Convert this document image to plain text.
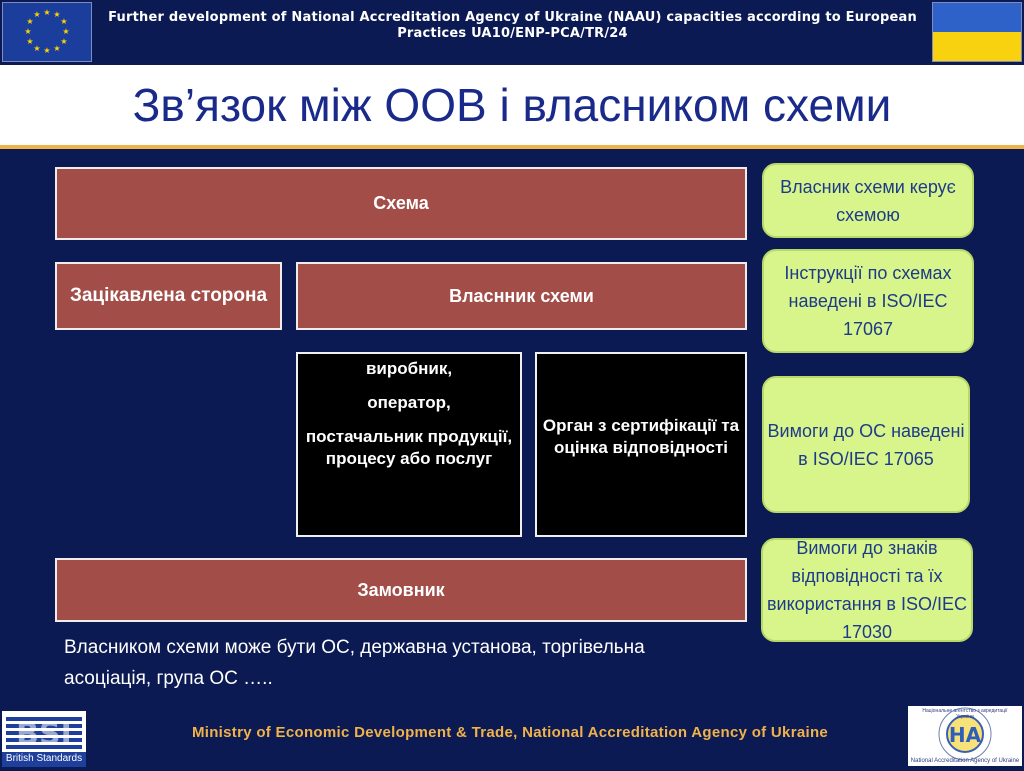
★ ★
★
★
★
★
★
★
★
★
★
★	Further development of National Accreditation Agency of Ukraine (NAAU) capacities according to European Practices UA10/ENP-PCA/TR/24
Зв’язок між ООВ і власником схеми
Схема
Зацікавлена сторона	Власнник схеми
виробник,
оператор,
постачальник продукції, процесу або послуг
Орган з сертифікації та оцінка відповідності
Замовник
Власник схеми керує схемою
Інструкції по схемах наведені в ISO/IEC 17067
Вимоги до ОС наведені в ISO/IEC 17065
Вимоги до знаків відповідності та їх використання в ISO/IEC 17030
Власником схеми може бути ОС, державна установа, торгівельна асоціація, група ОС …..
BSI
British Standards
Ministry of Economic Development & Trade, National Accreditation Agency of Ukraine	НА
Національне агентство з акредитації України
National Accreditation Agency of Ukraine
